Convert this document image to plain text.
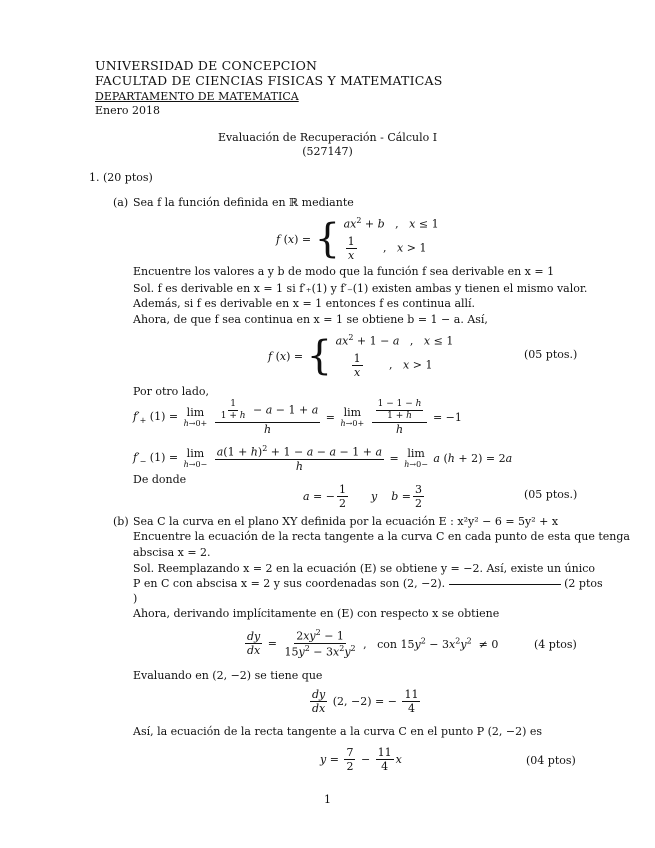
UNIVERSIDAD DE CONCEPCION
FACULTAD DE CIENCIAS FISICAS Y MATEMATICAS
DEPARTAMENTO DE MATEMATICA
Enero 2018
Evaluación de Recuperación - Cálculo I
(527147)
1. (20 ptos)
(a) Sea f la función definida en ℝ mediante
f (x) = { $ax^2 + b$   ,   x ≤ 1
$\frac{1}{x}$ ,   x > 1
Encuentre los valores a y b de modo que la función f sea derivable en x = 1
Sol. f es derivable en x = 1 si f′₊(1) y f′₋(1) existen ambas y tienen el mismo valor.
Además, si f es derivable en x = 1 entonces f es continua allí.
Ahora, de que f sea continua en x = 1 se obtiene b = 1 − a. Así,
f (x) = { $ax^2 + 1 - a$   ,   x ≤ 1

$\frac{1}{x}$ ,   x > 1
(05 ptos.)
Por otro lado,
$f'_+$ (1) = lim
h→0+
$\frac{\frac{1}{1 + h} - a - 1 + a}{h} = \lim$
h→0+
$\frac{\frac{1 - 1 - h}{1 + h}}{h} = -1$
$f'_-$ (1) = lim
h→0−
$\frac{a(1 + h)^2 + 1 - a - a - 1 + a}{h} = \lim$
h→0− a (h + 2) = 2a
De donde
a = − $\frac{1}{2}$ y $b = \frac{3}{2}$	(05 ptos.)
(b) Sea C la curva en el plano XY definida por la ecuación E : x²y² − 6 = 5y² + x
Encuentre la ecuación de la recta tangente a la curva C en cada punto de esta que tenga
abscisa x = 2.
Sol. Reemplazando x = 2 en la ecuación (E) se obtiene y = −2. Así, existe un único
P en C con abscisa x = 2 y sus coordenadas son (2, −2).	(2 ptos
)
Ahora, derivando implícitamente en (E) con respecto x se obtiene
$\frac{dy}{dx} = \frac{2xy^2 - 1}{15y^2 - 3x^2y^2}$ ,   con $15y^2 - 3x^2y^2 \ne 0$	(4 ptos)
Evaluando en (2, −2) se tiene que
$\frac{dy}{dx} (2$, −2) = − $\frac{11}{4}$
Así, la ecuación de la recta tangente a la curva C en el punto P (2, −2) es
$y = \frac{7}{2} - \frac{11}{4}$ x	(04 ptos)
1
